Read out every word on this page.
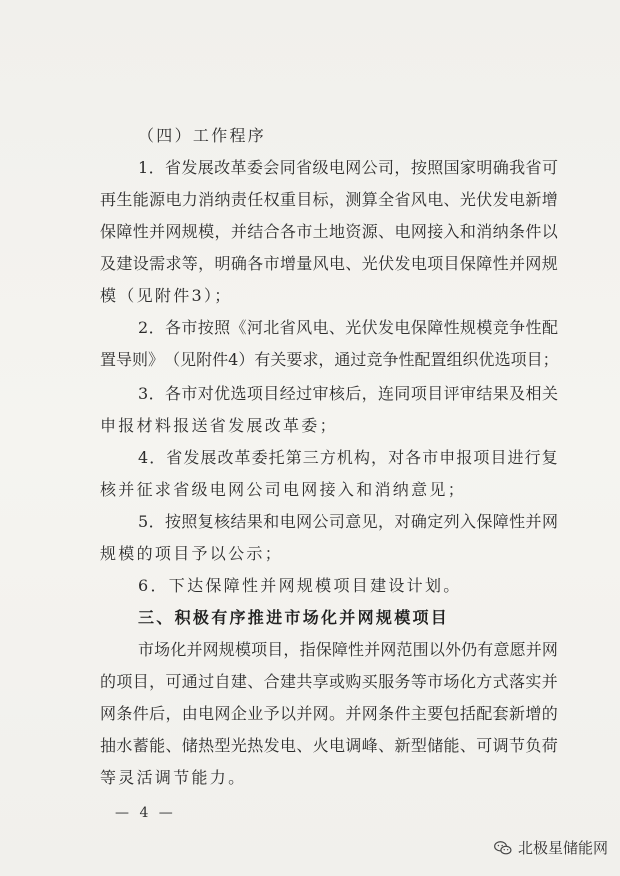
（四）工作程序
1 ． 省 发 展 改 革 委 会 同 省 级 电 网 公 司 ， 按 照 国 家 明 确 我 省 可
再 生 能 源 电 力 消 纳 责 任 权 重 目 标 ， 测 算 全 省 风 电 、 光 伏 发 电 新 增
保 障 性 并 网 规 模 ， 并 结 合 各 市 土 地 资 源 、 电 网 接 入 和 消 纳 条 件 以
及 建 设 需 求 等 ， 明 确 各 市 增 量 风 电 、 光 伏 发 电 项 目 保 障 性 并 网 规
模（见附件3）；
2 ． 各 市 按 照 《 河 北 省 风 电 、 光 伏 发 电 保 障 性 规 模 竞 争 性 配
置 导 则 》 （ 见 附 件 4 ） 有 关 要 求 ， 通 过 竞 争 性 配 置 组 织 优 选 项 目 ；
3 ． 各 市 对 优 选 项 目 经 过 审 核 后 ， 连 同 项 目 评 审 结 果 及 相 关
申报材料报送省发展改革委；
4 ． 省 发 展 改 革 委 托 第 三 方 机 构 ， 对 各 市 申 报 项 目 进 行 复
核并征求省级电网公司电网接入和消纳意见；
5 ． 按 照 复 核 结 果 和 电 网 公 司 意 见 ， 对 确 定 列 入 保 障 性 并 网
规模的项目予以公示；
6．下达保障性并网规模项目建设计划。
三、积极有序推进市场化并网规模项目
市 场 化 并 网 规 模 项 目 ， 指 保 障 性 并 网 范 围 以 外 仍 有 意 愿 并 网
的 项 目 ， 可 通 过 自 建 、 合 建 共 享 或 购 买 服 务 等 市 场 化 方 式 落 实 并
网 条 件 后 ， 由 电 网 企 业 予 以 并 网 。 并 网 条 件 主 要 包 括 配 套 新 增 的
抽 水 蓄 能 、 储 热 型 光 热 发 电 、 火 电 调 峰 、 新 型 储 能 、 可 调 节 负 荷
等灵活调节能力。
— 4 —
北极星储能网
